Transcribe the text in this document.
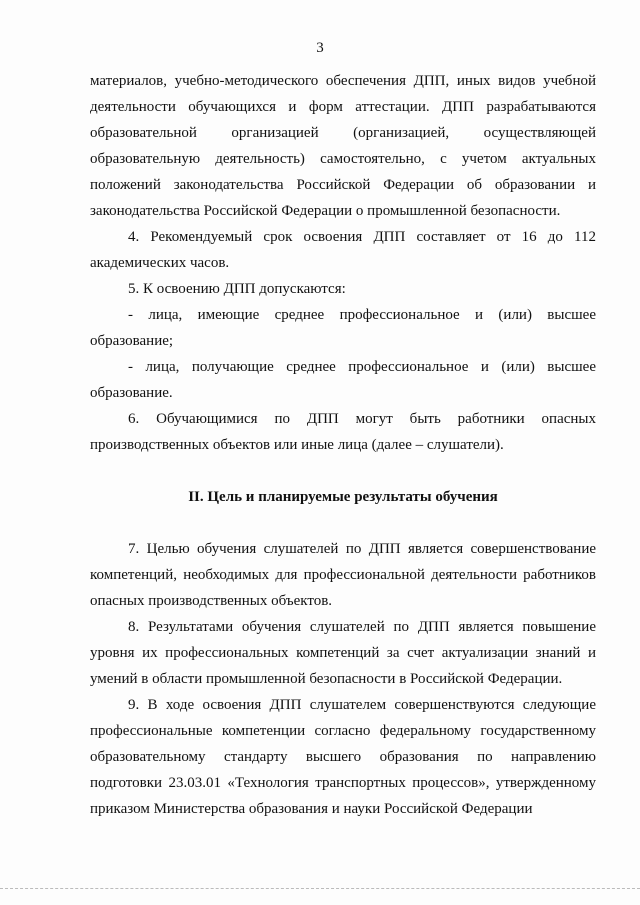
3

материалов, учебно-методического обеспечения ДПП, иных видов учебной деятельности обучающихся и форм аттестации. ДПП разрабатываются образовательной организацией (организацией, осуществляющей образовательную деятельность) самостоятельно, с учетом актуальных положений законодательства Российской Федерации об образовании и законодательства Российской Федерации о промышленной безопасности.

4. Рекомендуемый срок освоения ДПП составляет от 16 до 112 академических часов.

5. К освоению ДПП допускаются:

- лица, имеющие среднее профессиональное и (или) высшее образование;

- лица, получающие среднее профессиональное и (или) высшее образование.

6. Обучающимися по ДПП могут быть работники опасных производственных объектов или иные лица (далее – слушатели).

II. Цель и планируемые результаты обучения

7. Целью обучения слушателей по ДПП является совершенствование компетенций, необходимых для профессиональной деятельности работников опасных производственных объектов.

8. Результатами обучения слушателей по ДПП является повышение уровня их профессиональных компетенций за счет актуализации знаний и умений в области промышленной безопасности в Российской Федерации.

9. В ходе освоения ДПП слушателем совершенствуются следующие профессиональные компетенции согласно федеральному государственному образовательному стандарту высшего образования по направлению подготовки 23.03.01 «Технология транспортных процессов», утвержденному приказом Министерства образования и науки Российской Федерации
